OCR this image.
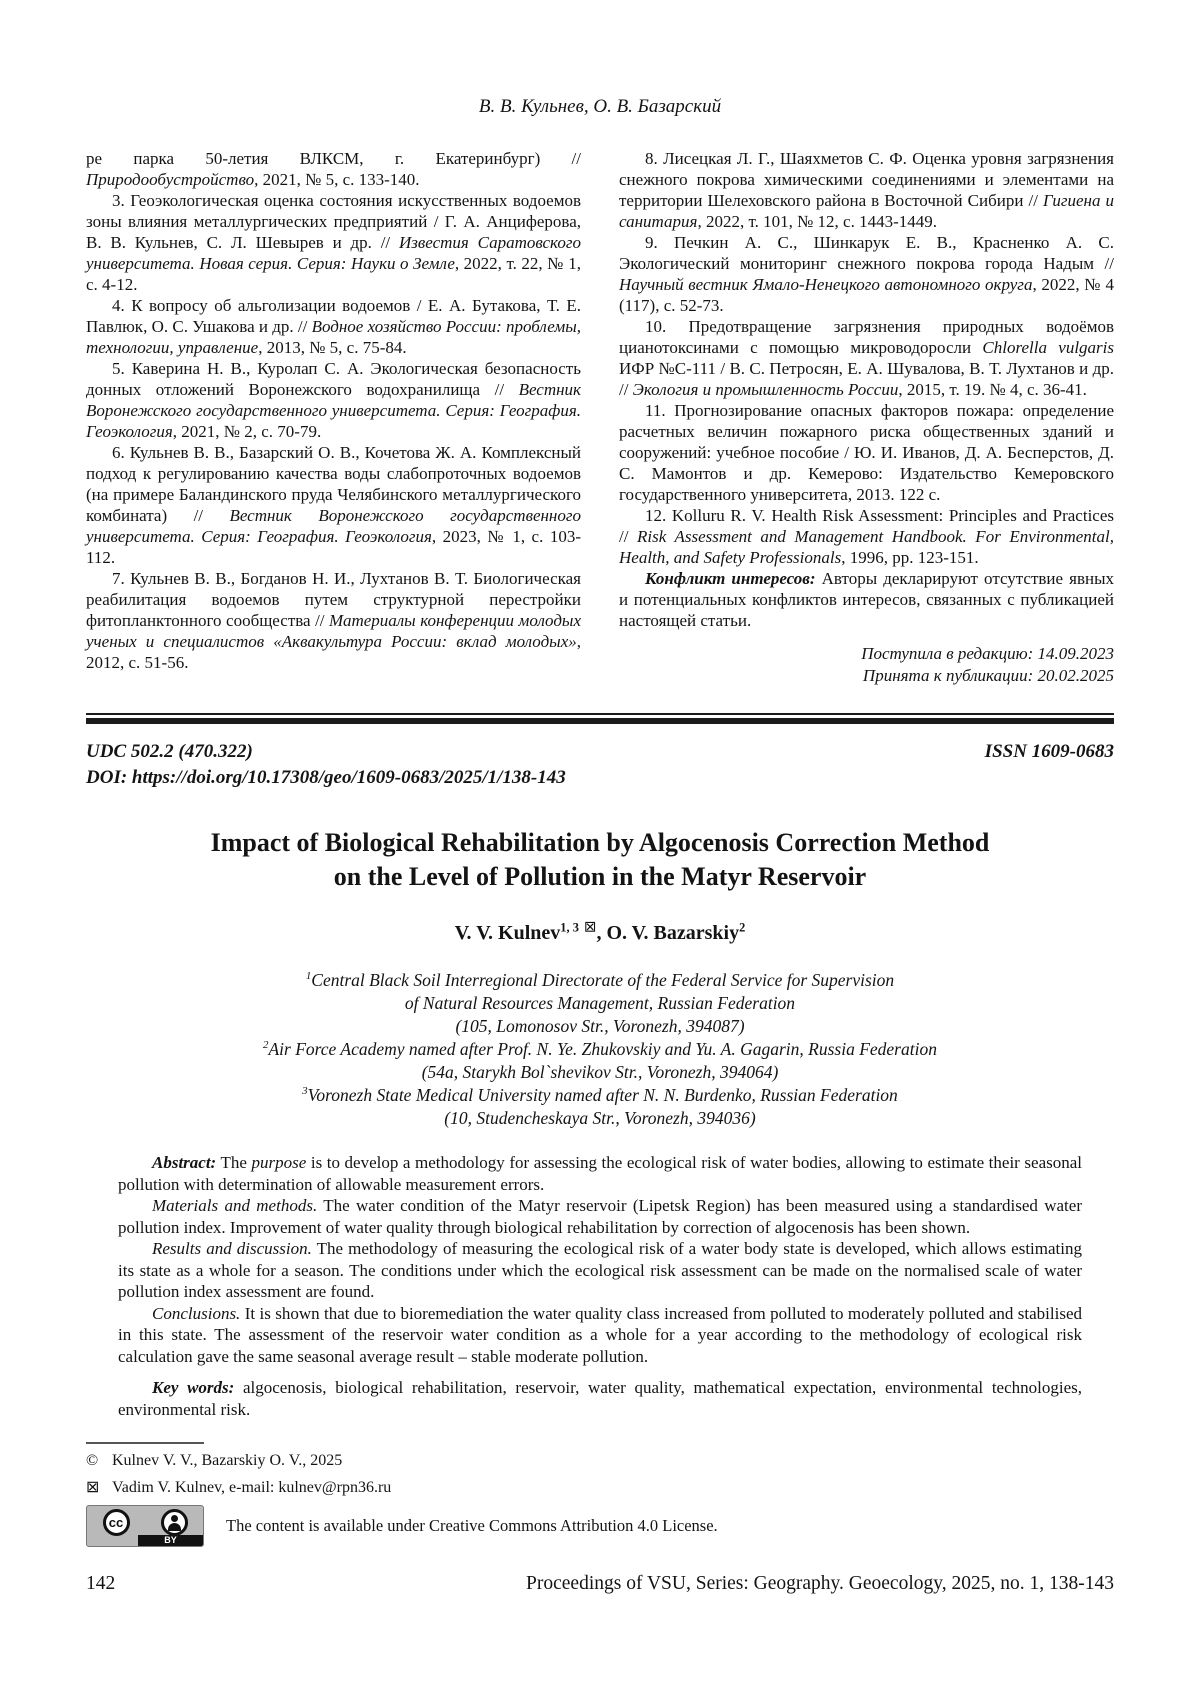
В. В. Кульнев, О. В. Базарский

ре парка 50-летия ВЛКСМ, г. Екатеринбург) // Природообустройство, 2021, № 5, с. 133-140.

3. Геоэкологическая оценка состояния искусственных водоемов зоны влияния металлургических предприятий / Г. А. Анциферова, В. В. Кульнев, С. Л. Шевырев и др. // Известия Саратовского университета. Новая серия. Серия: Науки о Земле, 2022, т. 22, № 1, с. 4-12.

4. К вопросу об альголизации водоемов / Е. А. Бутакова, Т. Е. Павлюк, О. С. Ушакова и др. // Водное хозяйство России: проблемы, технологии, управление, 2013, № 5, с. 75-84.

5. Каверина Н. В., Куролап С. А. Экологическая безопасность донных отложений Воронежского водохранилища // Вестник Воронежского государственного университета. Серия: География. Геоэкология, 2021, № 2, с. 70-79.

6. Кульнев В. В., Базарский О. В., Кочетова Ж. А. Комплексный подход к регулированию качества воды слабопроточных водоемов (на примере Баландинского пруда Челябинского металлургического комбината) // Вестник Воронежского государственного университета. Серия: География. Геоэкология, 2023, № 1, с. 103-112.

7. Кульнев В. В., Богданов Н. И., Лухтанов В. Т. Биологическая реабилитация водоемов путем структурной перестройки фитопланктонного сообщества // Материалы конференции молодых ученых и специалистов «Аквакультура России: вклад молодых», 2012, с. 51-56.

8. Лисецкая Л. Г., Шаяхметов С. Ф. Оценка уровня загрязнения снежного покрова химическими соединениями и элементами на территории Шелеховского района в Восточной Сибири // Гигиена и санитария, 2022, т. 101, № 12, с. 1443-1449.

9. Печкин А. С., Шинкарук Е. В., Красненко А. С. Экологический мониторинг снежного покрова города Надым // Научный вестник Ямало-Ненецкого автономного округа, 2022, № 4 (117), с. 52-73.

10. Предотвращение загрязнения природных водоёмов цианотоксинами с помощью микроводоросли Chlorella vulgaris ИФР №С-111 / В. С. Петросян, Е. А. Шувалова, В. Т. Лухтанов и др. // Экология и промышленность России, 2015, т. 19. № 4, с. 36-41.

11. Прогнозирование опасных факторов пожара: определение расчетных величин пожарного риска общественных зданий и сооружений: учебное пособие / Ю. И. Иванов, Д. А. Бесперстов, Д. С. Мамонтов и др. Кемерово: Издательство Кемеровского государственного университета, 2013. 122 с.

12. Kolluru R. V. Health Risk Assessment: Principles and Practices // Risk Assessment and Management Handbook. For Environmental, Health, and Safety Professionals, 1996, pp. 123-151.

Конфликт интересов: Авторы декларируют отсутствие явных и потенциальных конфликтов интересов, связанных с публикацией настоящей статьи.

Поступила в редакцию: 14.09.2023
Принята к публикации: 20.02.2025
UDC 502.2 (470.322)	ISSN 1609-0683
DOI: https://doi.org/10.17308/geo/1609-0683/2025/1/138-143
Impact of Biological Rehabilitation by Algocenosis Correction Method
on the Level of Pollution in the Matyr Reservoir
V. V. Kulnev$^{1, 3}$ ⊠, O. V. Bazarskiy$^2$
$^1$Central Black Soil Interregional Directorate of the Federal Service for Supervision
of Natural Resources Management, Russian Federation
(105, Lomonosov Str., Voronezh, 394087)
$^2$Air Force Academy named after Prof. N. Ye. Zhukovskiy and Yu. A. Gagarin, Russia Federation
(54a, Starykh Bol`shevikov Str., Voronezh, 394064)
$^3$Voronezh State Medical University named after N. N. Burdenko, Russian Federation
(10, Studencheskaya Str., Voronezh, 394036)

Abstract: The purpose is to develop a methodology for assessing the ecological risk of water bodies, allowing to estimate their seasonal pollution with determination of allowable measurement errors.

Materials and methods. The water condition of the Matyr reservoir (Lipetsk Region) has been measured using a standardised water pollution index. Improvement of water quality through biological rehabilitation by correction of algocenosis has been shown.

Results and discussion. The methodology of measuring the ecological risk of a water body state is developed, which allows estimating its state as a whole for a season. The conditions under which the ecological risk assessment can be made on the normalised scale of water pollution index assessment are found.

Conclusions. It is shown that due to bioremediation the water quality class increased from polluted to moderately polluted and stabilised in this state. The assessment of the reservoir water condition as a whole for a year according to the methodology of ecological risk calculation gave the same seasonal average result – stable moderate pollution.

Key words: algocenosis, biological rehabilitation, reservoir, water quality, mathematical expectation, environmental technologies, environmental risk.

© Kulnev V. V., Bazarskiy O. V., 2025
⊠ Vadim V. Kulnev, e-mail: kulnev@rpn36.ru
cc
BY
The content is available under Creative Commons Attribution 4.0 License.
142	Proceedings of VSU, Series: Geography. Geoecology, 2025, no. 1, 138-143
